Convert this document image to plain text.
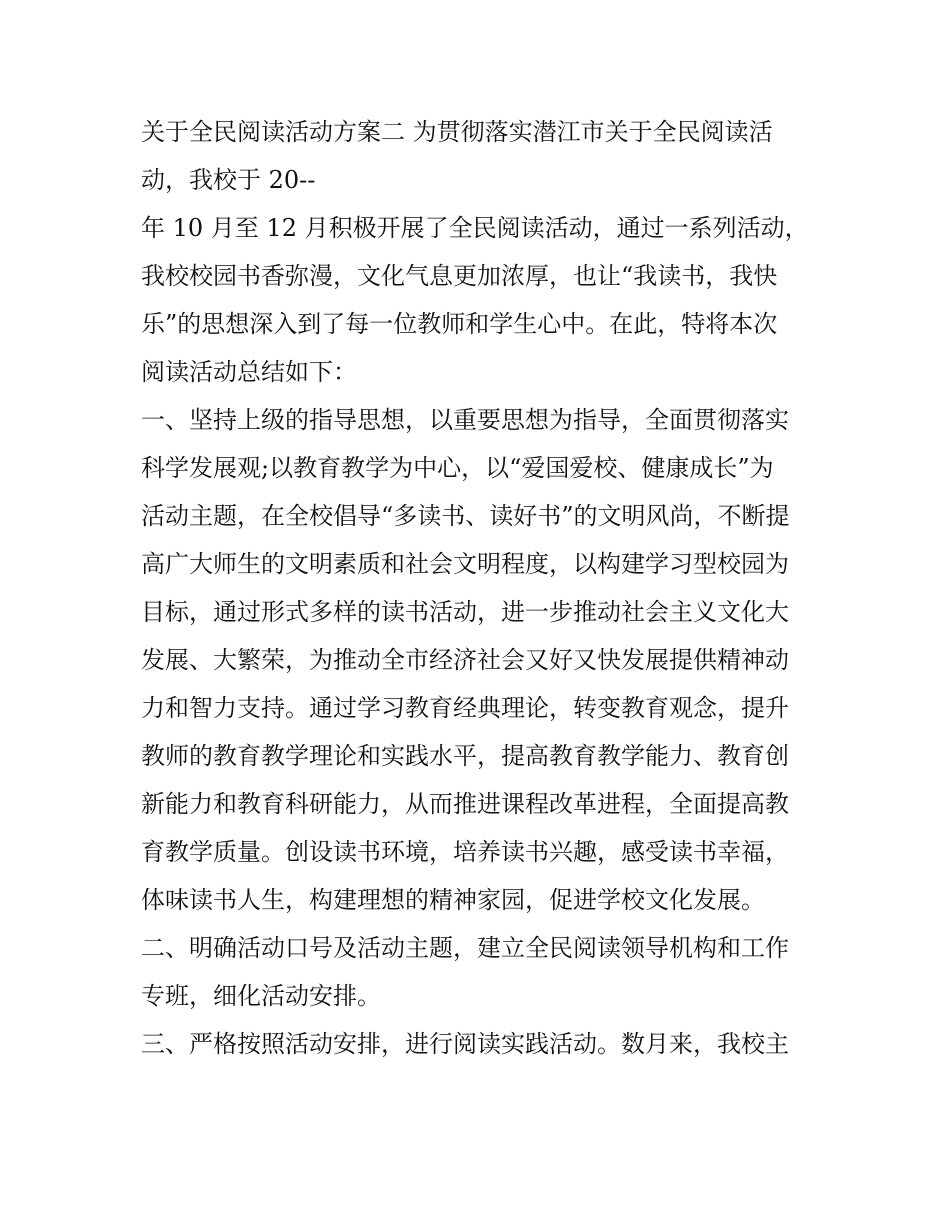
关于全民阅读活动方案二 为贯彻落实潜江市关于全民阅读活
动，我校于 20--
年 10 月至 12 月积极开展了全民阅读活动，通过一系列活动，
我校校园书香弥漫，文化气息更加浓厚，也让“我读书，我快
乐”的思想深入到了每一位教师和学生心中。在此，特将本次
阅读活动总结如下：
一、坚持上级的指导思想，以重要思想为指导，全面贯彻落实
科学发展观;以教育教学为中心，以“爱国爱校、健康成长”为
活动主题，在全校倡导“多读书、读好书”的文明风尚，不断提
高广大师生的文明素质和社会文明程度，以构建学习型校园为
目标，通过形式多样的读书活动，进一步推动社会主义文化大
发展、大繁荣，为推动全市经济社会又好又快发展提供精神动
力和智力支持。通过学习教育经典理论，转变教育观念，提升
教师的教育教学理论和实践水平，提高教育教学能力、教育创
新能力和教育科研能力，从而推进课程改革进程，全面提高教
育教学质量。创设读书环境，培养读书兴趣，感受读书幸福，
体味读书人生，构建理想的精神家园，促进学校文化发展。
二、明确活动口号及活动主题，建立全民阅读领导机构和工作
专班，细化活动安排。
三、严格按照活动安排，进行阅读实践活动。数月来，我校主
